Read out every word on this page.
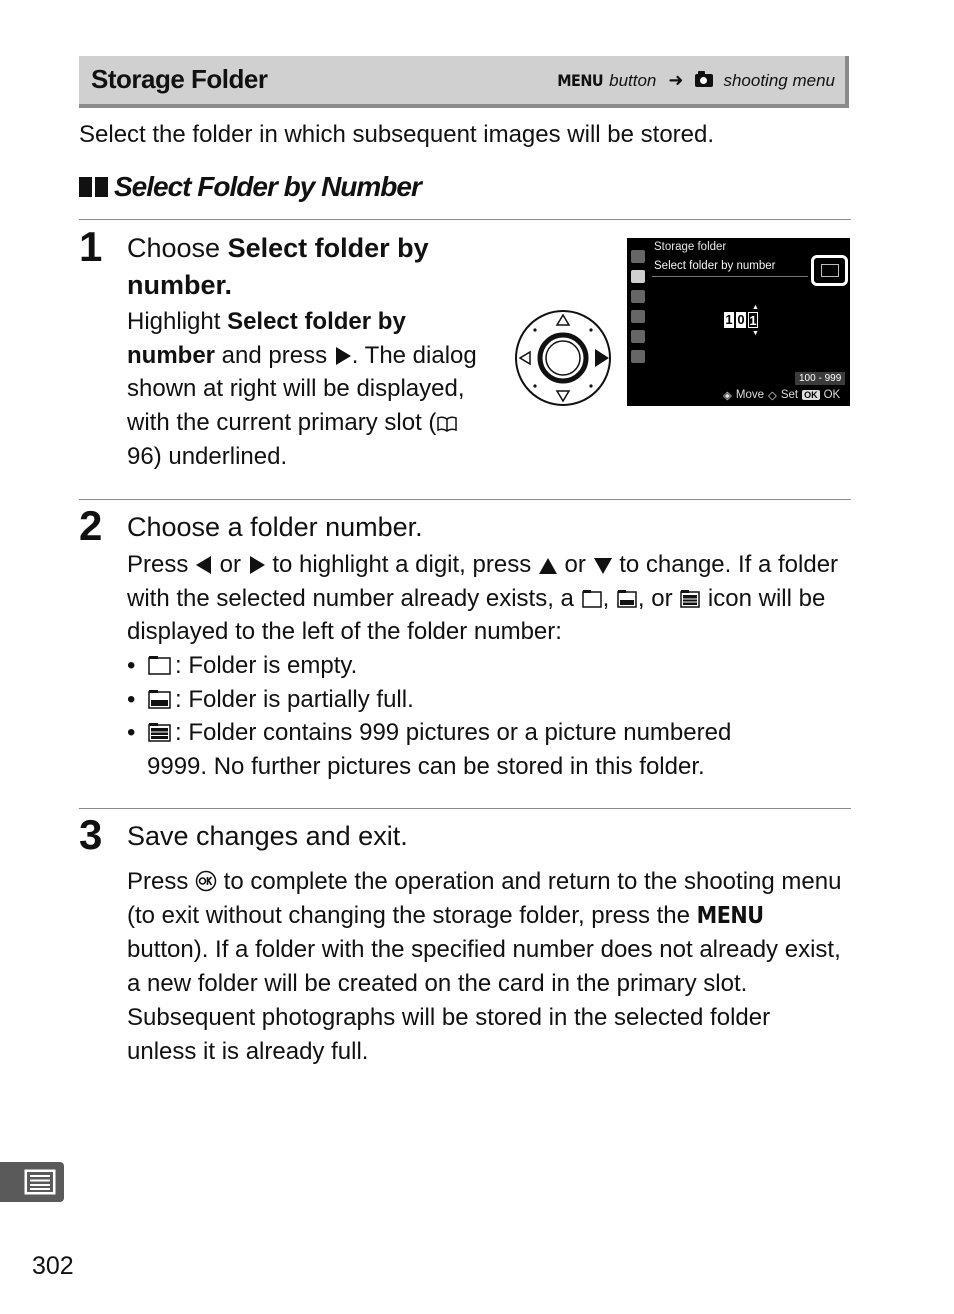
Storage Folder	MENU button ➜ shooting menu
Select the folder in which subsequent images will be stored.
Select Folder by Number
1 Choose Select folder by number.
Highlight Select folder by number and press . The dialog shown at right will be displayed, with the current primary slot ( 96) underlined.
Storage folder
Select folder by number
▲
1 0 1
▼
100 - 999
◈ Move ◇ Set OK OK
2 Choose a folder number.
Press  or  to highlight a digit, press  or  to change. If a folder with the selected number already exists, a , , or  icon will be displayed to the left of the folder number:
•	: Folder is empty.
•	: Folder is partially full.
•	: Folder contains 999 pictures or a picture numbered
9999. No further pictures can be stored in this folder.
3 Save changes and exit.
Press  to complete the operation and return to the shooting menu (to exit without changing the storage folder, press the MENU button). If a folder with the specified number does not already exist, a new folder will be created on the card in the primary slot. Subsequent photographs will be stored in the selected folder unless it is already full.
302
